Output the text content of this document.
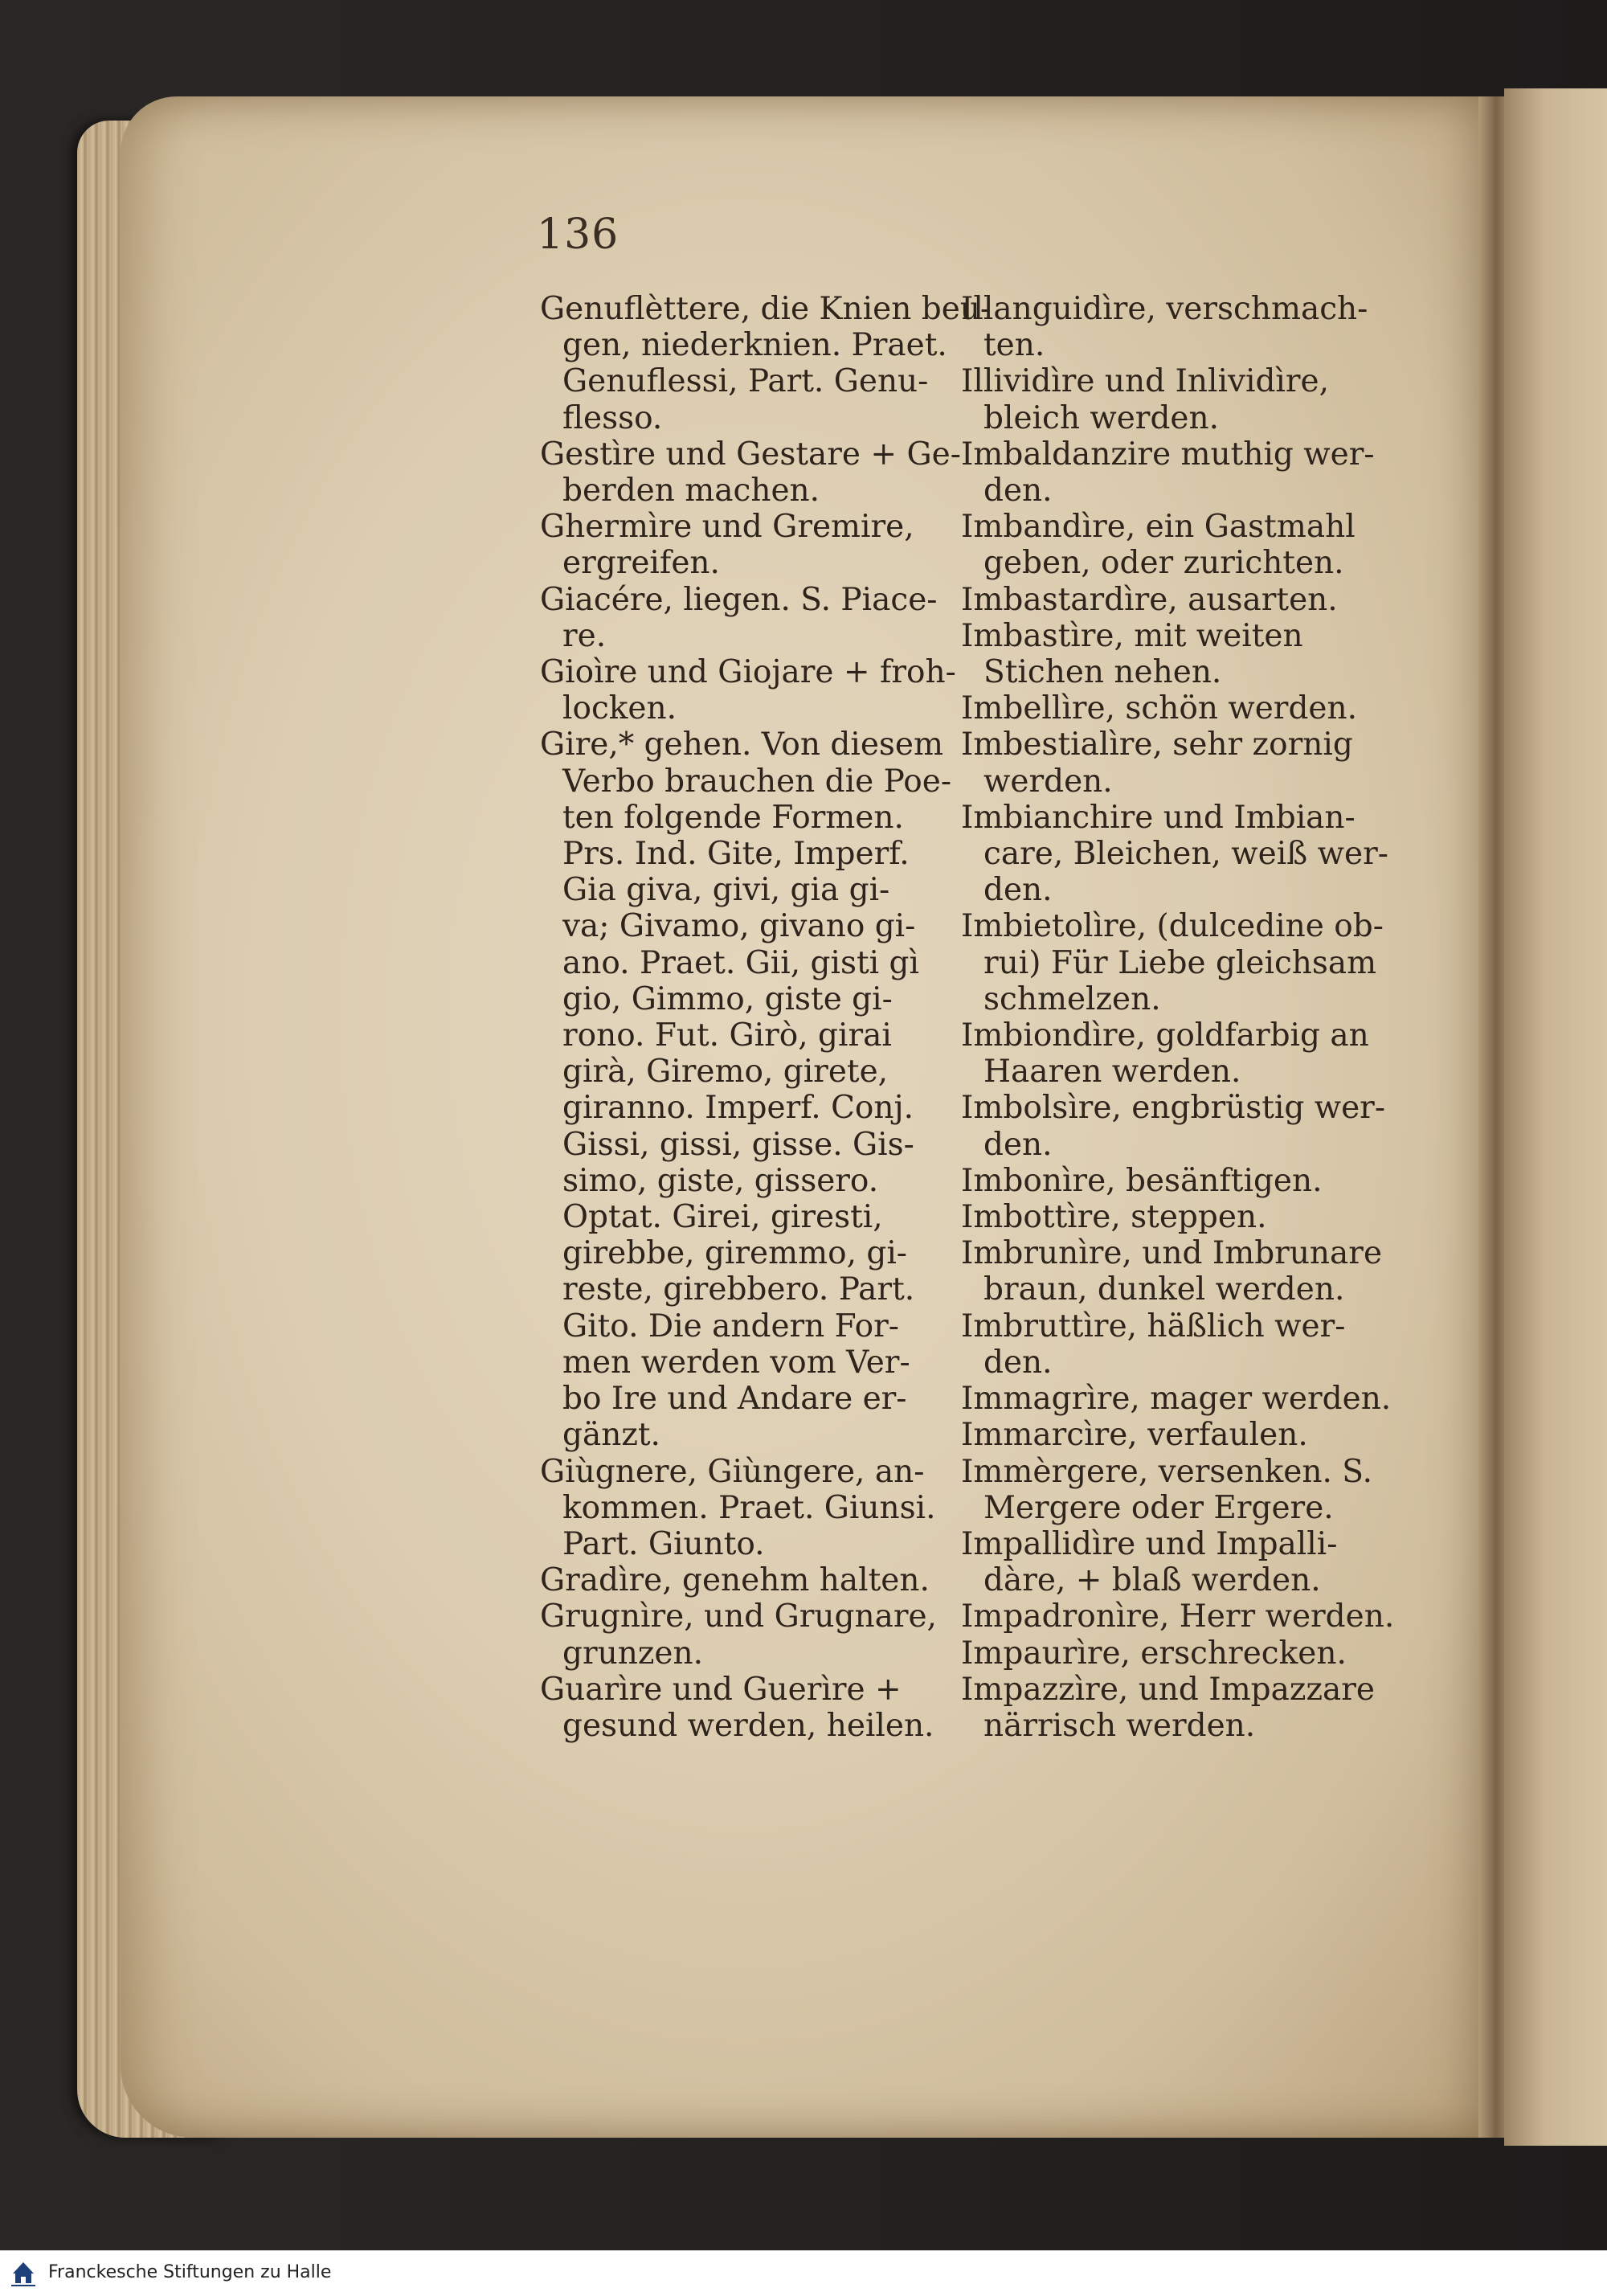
136
Genuflèttere, die Knien beu-
gen, niederknien. Praet.
Genuflessi, Part. Genu-
flesso.
Gestìre und Gestare + Ge-
berden machen.
Ghermìre und Gremire,
ergreifen.
Giacére, liegen. S. Piace-
re.
Gioìre und Giojare + froh-
locken.
Gire,* gehen. Von diesem
Verbo brauchen die Poe-
ten folgende Formen.
Prs. Ind. Gite, Imperf.
Gia giva, givi, gia gi-
va; Givamo, givano gi-
ano. Praet. Gii, gisti gì
gio, Gimmo, giste gi-
rono. Fut. Girò, girai
girà, Giremo, girete,
giranno. Imperf. Conj.
Gissi, gissi, gisse. Gis-
simo, giste, gissero.
Optat. Girei, giresti,
girebbe, giremmo, gi-
reste, girebbero. Part.
Gito. Die andern For-
men werden vom Ver-
bo Ire und Andare er-
gänzt.
Giùgnere, Giùngere, an-
kommen. Praet. Giunsi.
Part. Giunto.
Gradìre, genehm halten.
Grugnìre, und Grugnare,
grunzen.
Guarìre und Guerìre +
gesund werden, heilen.
Illanguidìre, verschmach-
ten.
Illividìre und Inlividìre,
bleich werden.
Imbaldanzire muthig wer-
den.
Imbandìre, ein Gastmahl
geben, oder zurichten.
Imbastardìre, ausarten.
Imbastìre, mit weiten
Stichen nehen.
Imbellìre, schön werden.
Imbestialìre, sehr zornig
werden.
Imbianchire und Imbian-
care, Bleichen, weiß wer-
den.
Imbietolìre, (dulcedine ob-
rui) Für Liebe gleichsam
schmelzen.
Imbiondìre, goldfarbig an
Haaren werden.
Imbolsìre, engbrüstig wer-
den.
Imbonìre, besänftigen.
Imbottìre, steppen.
Imbrunìre, und Imbrunare
braun, dunkel werden.
Imbruttìre, häßlich wer-
den.
Immagrìre, mager werden.
Immarcìre, verfaulen.
Immèrgere, versenken. S.
Mergere oder Ergere.
Impallidìre und Impalli-
dàre, + blaß werden.
Impadronìre, Herr werden.
Impaurìre, erschrecken.
Impazzìre, und Impazzare
närrisch werden.
Franckesche Stiftungen zu Halle
